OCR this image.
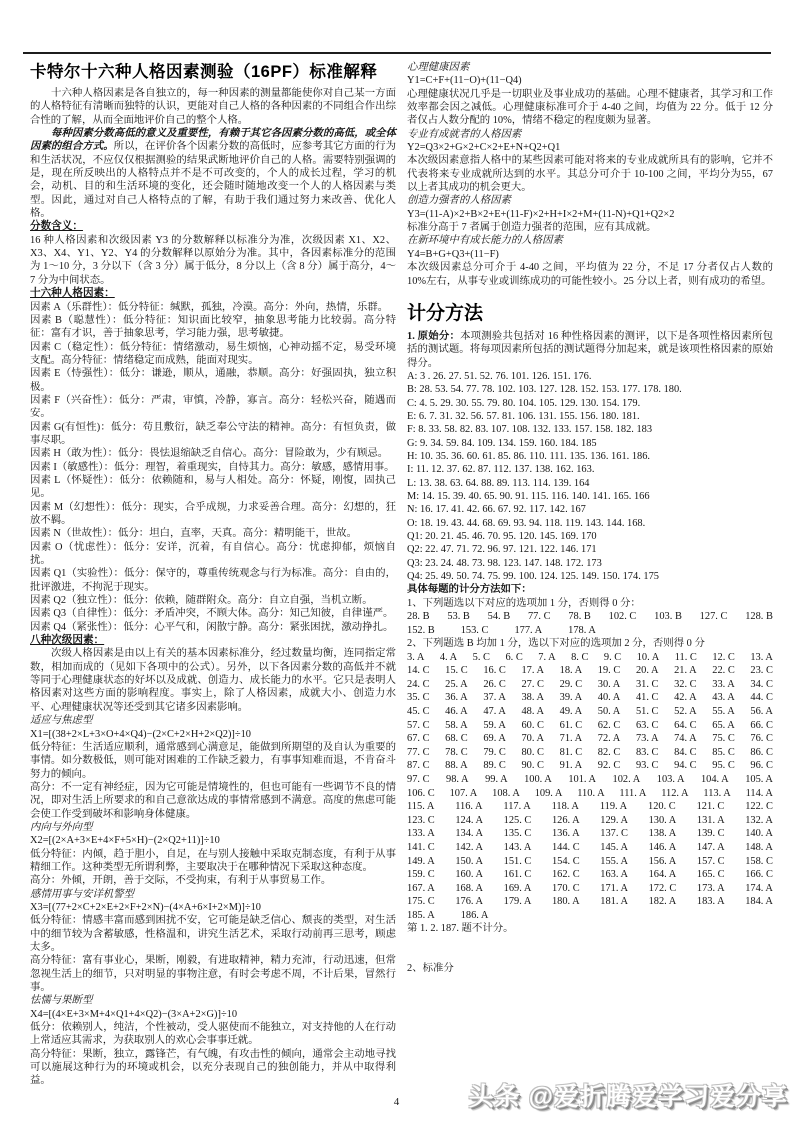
卡特尔十六种人格因素测验（16PF）标准解释
十六种人格因素是各自独立的，每一种因素的测量都能使你对自己某一方面的人格特征有清晰而独特的认识，更能对自己人格的各种因素的不同组合作出综合性的了解，从而全面地评价自己的整个人格。
每种因素分数高低的意义及重要性，有赖于其它各因素分数的高低，或全体因素的组合方式。所以，在评价各个因素分数的高低时，应参考其它方面的行为和生活状况，不应仅仅根据测验的结果武断地评价自己的人格。需要特别强调的是，现在所反映出的人格特点并不是不可改变的，个人的成长过程，学习的机会，动机、目的和生活环境的变化，还会随时随地改变一个人的人格因素与类型。因此，通过对自己人格特点的了解，有助于我们通过努力来改善、优化人格。
分数含义：
16 种人格因素和次级因素 Y3 的分数解释以标准分为准，次级因素 X1、X2、X3、X4、Y1、Y2、Y4 的分数解释以原始分为准。其中，各因素标准分的范围为 1～10 分，3 分以下（含 3 分）属于低分，8 分以上（含 8 分）属于高分，4～7 分为中间状态。
十六种人格因素：
因素 A（乐群性）：低分特征：缄默，孤独，冷漠。高分：外向，热情，乐群。
因素 B（聪慧性）：低分特征：知识面比较窄，抽象思考能力比较弱。高分特征：富有才识，善于抽象思考，学习能力强，思考敏捷。
因素 C（稳定性）：低分特征：情绪激动，易生烦恼，心神动摇不定，易受环境支配。高分特征：情绪稳定而成熟，能面对现实。
因素 E（恃强性）：低分：谦逊，顺从，通融，恭顺。高分：好强固执，独立积极。
因素 F（兴奋性）：低分：严肃，审慎，冷静，寡言。高分：轻松兴奋，随遇而安。
因素 G(有恒性)：低分：苟且敷衍，缺乏奉公守法的精神。高分：有恒负责，做事尽职。
因素 H（敢为性）：低分：畏怯退缩缺乏自信心。高分：冒险敢为，少有顾忌。
因素 I（敏感性）：低分：理智，着重现实，自恃其力。高分：敏感，感情用事。
因素 L（怀疑性）：低分：依赖随和，易与人相处。高分：怀疑，刚愎，固执己见。
因素 M（幻想性）：低分：现实，合乎成规，力求妥善合理。高分：幻想的，狂放不羁。
因素 N（世故性）：低分：坦白，直率，天真。高分：精明能干，世故。
因素 O（忧虑性）：低分：安详，沉着，有自信心。高分：忧虑抑郁，烦恼自扰。
因素 Q1（实验性）：低分：保守的，尊重传统观念与行为标准。高分：自由的，批评激进，不拘泥于现实。
因素 Q2（独立性）：低分：依赖，随群附众。高分：自立自强，当机立断。
因素 Q3（自律性）：低分：矛盾冲突，不顾大体。高分：知己知彼，自律谨严。
因素 Q4（紧张性）：低分：心平气和，闲散宁静。高分：紧张困扰，激动挣扎。
八种次级因素：
次级人格因素是由以上有关的基本因素标准分，经过数量均衡，连同指定常数，相加而成的（见如下各项中的公式）。另外，以下各因素分数的高低并不就等同于心理健康状态的好坏以及成就、创造力、成长能力的水平。它只是表明人格因素对这些方面的影响程度。事实上，除了人格因素，成就大小、创造力水平、心理健康状况等还受到其它诸多因素影响。
适应与焦虑型
X1=[(38+2×L+3×O+4×Q4)−(2×C+2×H+2×Q2)]÷10
低分特征：生活适应顺利，通常感到心满意足，能做到所期望的及自认为重要的事情。如分数极低，则可能对困难的工作缺乏毅力，有事事知难而退，不肯奋斗努力的倾向。
高分：不一定有神经症，因为它可能是情境性的，但也可能有一些调节不良的情况，即对生活上所要求的和自己意欲达成的事情常感到不满意。高度的焦虑可能会使工作受到破坏和影响身体健康。
内向与外向型
X2=[(2×A+3×E+4×F+5×H)−(2×Q2+11)]÷10
低分特征：内倾，趋于胆小，自足，在与别人接触中采取克制态度，有利于从事精细工作。这种类型无所谓利弊，主要取决于在哪种情况下采取这种态度。
高分：外倾，开朗，善于交际，不受拘束，有利于从事贸易工作。
感情用事与安详机警型
X3=[(77+2×C+2×E+2×F+2×N)−(4×A+6×I+2×M)]÷10
低分特征：情感丰富而感到困扰不安，它可能是缺乏信心、颓丧的类型，对生活中的细节较为含蓄敏感，性格温和，讲究生活艺术，采取行动前再三思考，顾虑太多。
高分特征：富有事业心，果断，刚毅，有进取精神，精力充沛，行动迅速，但常忽视生活上的细节，只对明显的事物注意，有时会考虑不周，不计后果，冒然行事。
怯懦与果断型
X4=[(4×E+3×M+4×Q1+4×Q2)−(3×A+2×G)]÷10
低分：依赖别人，纯洁，个性被动，受人驱使而不能独立，对支持他的人在行动上常适应其需求，为获取别人的欢心会事事迁就。
高分特征：果断，独立，露锋芒，有气魄，有攻击性的倾向，通常会主动地寻找可以施展这种行为的环境或机会，以充分表现自己的独创能力，并从中取得利益。
心理健康因素
Y1=C+F+(11−O)+(11−Q4)
心理健康状况几乎是一切职业及事业成功的基础。心理不健康者，其学习和工作效率都会因之减低。心理健康标准可介于 4-40 之间，均值为 22 分。低于 12 分者仅占人数分配的 10%，情绪不稳定的程度颇为显著。
专业有成就者的人格因素
Y2=Q3×2+G×2+C×2+E+N+Q2+Q1
本次级因素意指人格中的某些因素可能对将来的专业成就所具有的影响，它并不代表将来专业成就所达到的水平。其总分可介于 10-100 之间，平均分为55，67 以上者其成功的机会更大。
创造力强者的人格因素
Y3=(11-A)×2+B×2+E+(11-F)×2+H+I×2+M+(11-N)+Q1+Q2×2
标准分高于 7 者属于创造力强者的范围，应有其成就。
在新环境中有成长能力的人格因素
Y4=B+G+Q3+(11−F)
本次级因素总分可介于 4-40 之间，平均值为 22 分，不足 17 分者仅占人数的 10%左右，从事专业或训练成功的可能性较小。25 分以上者，则有成功的希望。
计分方法
1. 原始分：本项测验共包括对 16 种性格因素的测评，以下是各项性格因素所包括的测试题。将每项因素所包括的测试题得分加起来，就是该项性格因素的原始得分。
A: 3 . 26. 27. 51. 52. 76. 101. 126. 151. 176.
B: 28. 53. 54. 77. 78. 102. 103. 127. 128. 152. 153. 177. 178. 180.
C: 4. 5. 29. 30. 55. 79. 80. 104. 105. 129. 130. 154. 179.
E: 6. 7. 31. 32. 56. 57. 81. 106. 131. 155. 156. 180. 181.
F: 8. 33. 58. 82. 83. 107. 108. 132. 133. 157. 158. 182. 183
G: 9. 34. 59. 84. 109. 134. 159. 160. 184. 185
H: 10. 35. 36. 60. 61. 85. 86. 110. 111. 135. 136. 161. 186.
I: 11. 12. 37. 62. 87. 112. 137. 138. 162. 163.
L: 13. 38. 63. 64. 88. 89. 113. 114. 139. 164
M: 14. 15. 39. 40. 65. 90. 91. 115. 116. 140. 141. 165. 166
N: 16. 17. 41. 42. 66. 67. 92. 117. 142. 167
O: 18. 19. 43. 44. 68. 69. 93. 94. 118. 119. 143. 144. 168.
Q1: 20. 21. 45. 46. 70. 95. 120. 145. 169. 170
Q2: 22. 47. 71. 72. 96. 97. 121. 122. 146. 171
Q3: 23. 24. 48. 73. 98. 123. 147. 148. 172. 173
Q4: 25. 49. 50. 74. 75. 99. 100. 124. 125. 149. 150. 174. 175
具体每题的计分方法如下：
1、下列题选以下对应的选项加 1 分，否则得 0 分：
28. B 53. B 54. B 77. C 78. B 102. C 103. B 127. C 128. B
152. B	153. C	177. A	178. A
2、下列题选 B 均加 1 分，选以下对应的选项加 2 分，否则得 0 分
3. A 4. A 5. C 6. C 7. A 8. C 9. C 10. A 11. C 12. C 13. A
14. C 15. C 16. C 17. A 18. A 19. C 20. A 21. A 22. C 23. C
24. C 25. A 26. C 27. C 29. C 30. A 31. C 32. C 33. A 34. C
35. C 36. A 37. A 38. A 39. A 40. A 41. C 42. A 43. A 44. C
45. C 46. A 47. A 48. A 49. A 50. A 51. C 52. A 55. A 56. A
57. C 58. A 59. A 60. C 61. C 62. C 63. C 64. C 65. A 66. C
67. C 68. C 69. A 70. A 71. A 72. A 73. A 74. A 75. C 76. C
77. C 78. C 79. C 80. C 81. C 82. C 83. C 84. C 85. C 86. C
87. C 88. A 89. C 90. C 91. A 92. C 93. C 94. C 95. C 96. C
97. C 98. A 99. A 100. A 101. A 102. A 103. A 104. A 105. A
106. C 107. A 108. A 109. A 110. A 111. A 112. A 113. A 114. A
115. A 116. A 117. A 118. A 119. A 120. C 121. C 122. C
123. C 124. A 125. C 126. A 129. A 130. A 131. A 132. A
133. A 134. A 135. C 136. A 137. C 138. A 139. C 140. A
141. C 142. A 143. A 144. C 145. A 146. A 147. A 148. A
149. A 150. A 151. C 154. C 155. A 156. A 157. C 158. C
159. C 160. A 161. C 162. C 163. A 164. A 165. C 166. C
167. A 168. A 169. A 170. C 171. A 172. C 173. A 174. A
175. C 176. A 179. A 180. A 181. A 182. A 183. A 184. A
185. A	186. A
第 1. 2. 187. 题不计分。
2、标准分
4	头条 @爱折腾爱学习爱分享
